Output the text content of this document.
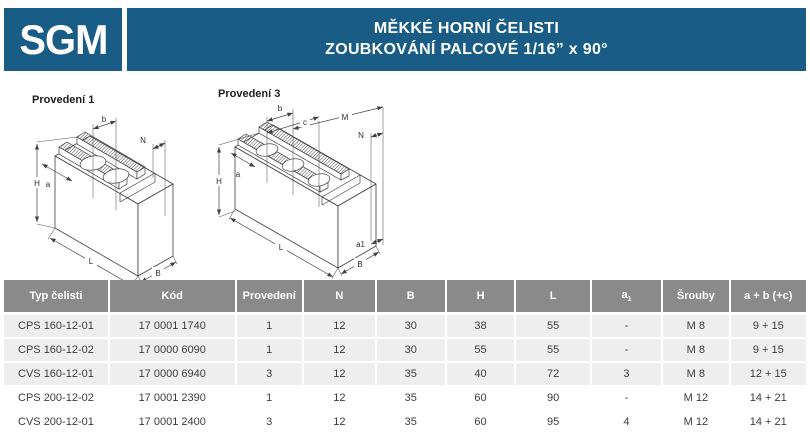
SGM	MĚKKÉ HORNÍ ČELISTI
ZOUBKOVÁNÍ PALCOVÉ 1/16” x 90°
Provedení 1
H a
b
N
L
B
Provedení 3
b
c
M
N
a
H
L	a1
B
Typ čelisti	Kód	Provedení	N	B	H	L	$a_1$	Šrouby	a + b (+c)
CPS 160-12-01	17 0001 1740	1	12	30	38	55	-	M 8	9 + 15
CPS 160-12-02	17 0000 6090	1	12	30	55	55	-	M 8	9 + 15
CVS 160-12-01	17 0000 6940	3	12	35	40	72	3	M 8	12 + 15
CPS 200-12-02	17 0001 2390	1	12	35	60	90	-	M 12	14 + 21
CVS 200-12-01	17 0001 2400	3	12	35	60	95	4	M 12	14 + 21
